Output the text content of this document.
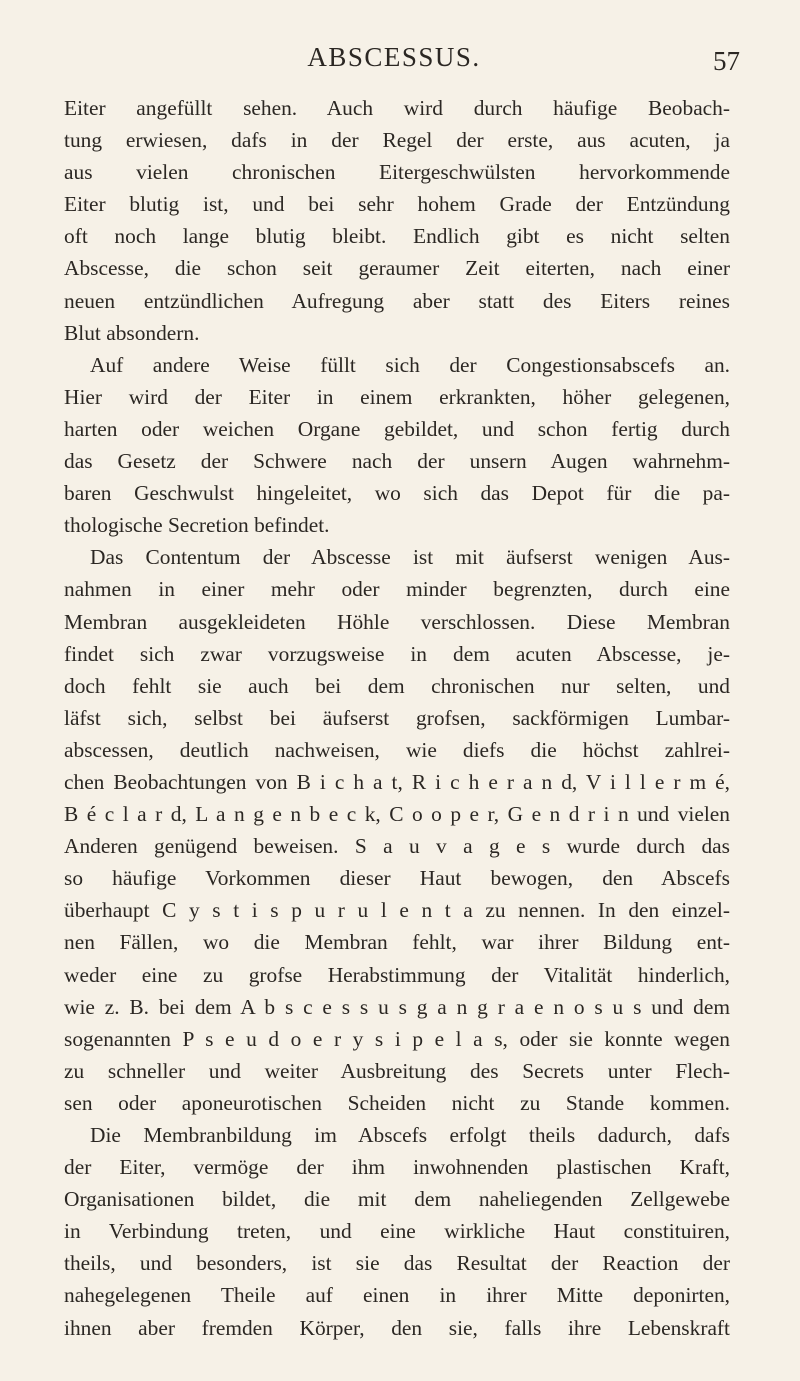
ABSCESSUS.	57
Eiter angefüllt sehen. Auch wird durch häufige Beobach-
tung erwiesen, dafs in der Regel der erste, aus acuten, ja
aus vielen chronischen Eitergeschwülsten hervorkommende
Eiter blutig ist, und bei sehr hohem Grade der Entzündung
oft noch lange blutig bleibt. Endlich gibt es nicht selten
Abscesse, die schon seit geraumer Zeit eiterten, nach einer
neuen entzündlichen Aufregung aber statt des Eiters reines
Blut absondern.
Auf andere Weise füllt sich der Congestionsabscefs an.
Hier wird der Eiter in einem erkrankten, höher gelegenen,
harten oder weichen Organe gebildet, und schon fertig durch
das Gesetz der Schwere nach der unsern Augen wahrnehm-
baren Geschwulst hingeleitet, wo sich das Depot für die pa-
thologische Secretion befindet.
Das Contentum der Abscesse ist mit äufserst wenigen Aus-
nahmen in einer mehr oder minder begrenzten, durch eine
Membran ausgekleideten Höhle verschlossen. Diese Membran
findet sich zwar vorzugsweise in dem acuten Abscesse, je-
doch fehlt sie auch bei dem chronischen nur selten, und
läfst sich, selbst bei äufserst grofsen, sackförmigen Lumbar-
abscessen, deutlich nachweisen, wie diefs die höchst zahlrei-
chen Beobachtungen von B i c h a t, R i c h e r a n d, V i l l e r m é,
B é c l a r d, L a n g e n b e c k, C o o p e r, G e n d r i n und vielen
Anderen genügend beweisen. S a u v a g e s wurde durch das
so häufige Vorkommen dieser Haut bewogen, den Abscefs
überhaupt C y s t i s p u r u l e n t a zu nennen. In den einzel-
nen Fällen, wo die Membran fehlt, war ihrer Bildung ent-
weder eine zu grofse Herabstimmung der Vitalität hinderlich,
wie z. B. bei dem A b s c e s s u s g a n g r a e n o s u s und dem
sogenannten P s e u d o e r y s i p e l a s, oder sie konnte wegen
zu schneller und weiter Ausbreitung des Secrets unter Flech-
sen oder aponeurotischen Scheiden nicht zu Stande kommen.
Die Membranbildung im Abscefs erfolgt theils dadurch, dafs
der Eiter, vermöge der ihm inwohnenden plastischen Kraft,
Organisationen bildet, die mit dem naheliegenden Zellgewebe
in Verbindung treten, und eine wirkliche Haut constituiren,
theils, und besonders, ist sie das Resultat der Reaction der
nahegelegenen Theile auf einen in ihrer Mitte deponirten,
ihnen aber fremden Körper, den sie, falls ihre Lebenskraft
